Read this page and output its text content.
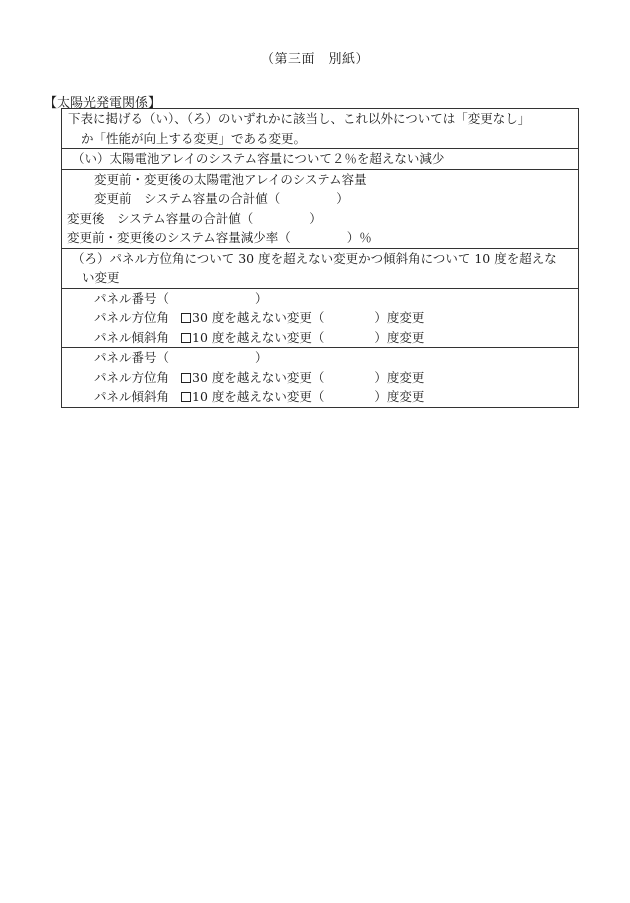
（第三面　別紙）
【太陽光発電関係】
下表に掲げる（い）、（ろ）のいずれかに該当し、これ以外については「変更なし」
か「性能が向上する変更」である変更。
（い）太陽電池アレイのシステム容量について２％を超えない減少
変更前・変更後の太陽電池アレイのシステム容量
変更前　システム容量の合計値（	）
変更後　システム容量の合計値（	）
変更前・変更後のシステム容量減少率（	）％
（ろ）パネル方位角について 30 度を超えない変更かつ傾斜角について 10 度を超えな
い変更
パネル番号（	）
パネル方位角 30 度を越えない変更（	）度変更
パネル傾斜角 10 度を越えない変更（	）度変更
パネル番号（	）
パネル方位角 30 度を越えない変更（	）度変更
パネル傾斜角 10 度を越えない変更（	）度変更
